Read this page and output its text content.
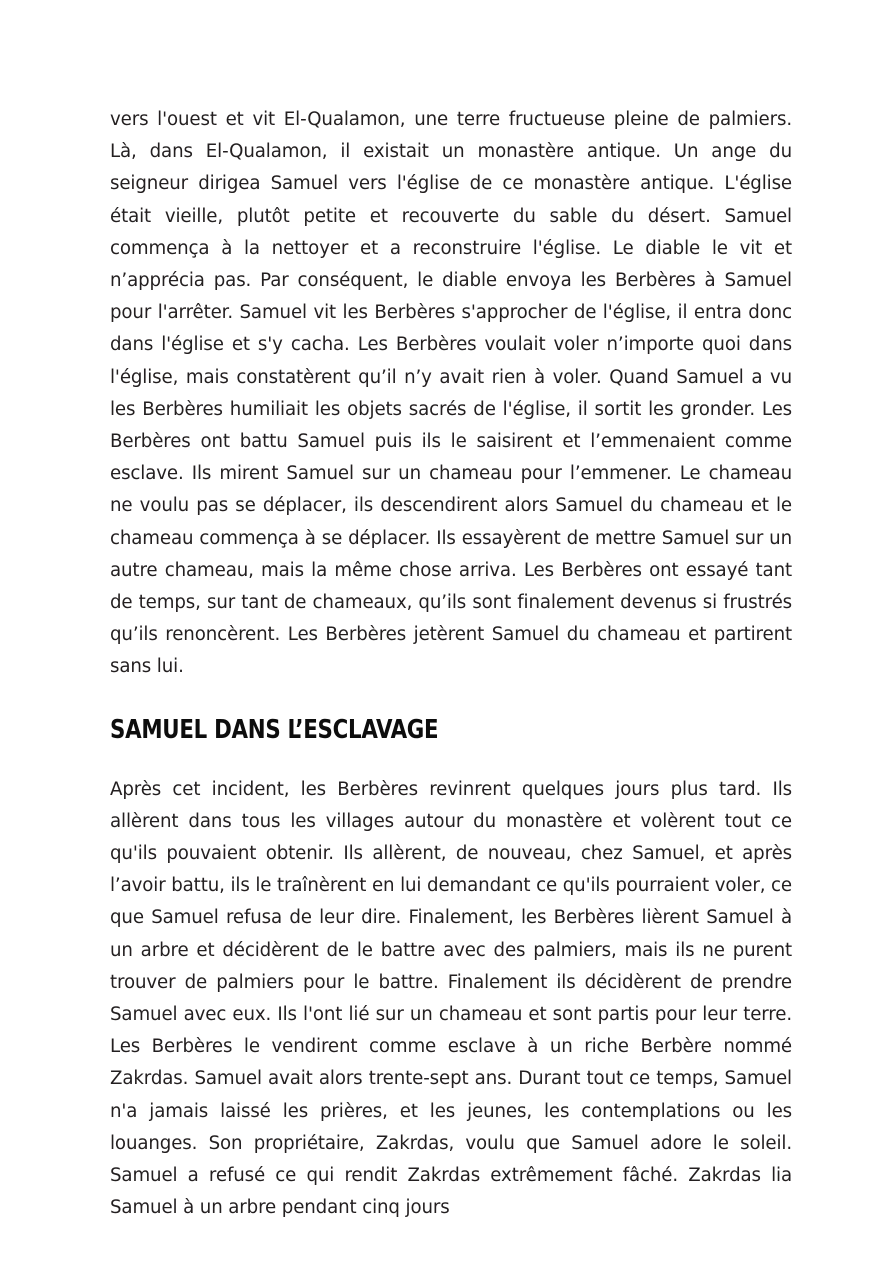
vers l'ouest et vit El-Qualamon, une terre fructueuse pleine de palmiers. Là, dans El-Qualamon, il existait un monastère antique. Un ange du seigneur dirigea Samuel vers l'église de ce monastère antique. L'église était vieille, plutôt petite et recouverte du sable du désert. Samuel commença à la nettoyer et a reconstruire l'église. Le diable le vit et n’apprécia pas. Par conséquent, le diable envoya les Berbères à Samuel pour l'arrêter. Samuel vit les Berbères s'approcher de l'église, il entra donc dans l'église et s'y cacha. Les Berbères voulait voler n’importe quoi dans l'église, mais constatèrent qu’il n’y avait rien à voler. Quand Samuel a vu les Berbères humiliait les objets sacrés de l'église, il sortit les gronder. Les Berbères ont battu Samuel puis ils le saisirent et l’emmenaient comme esclave. Ils mirent Samuel sur un chameau pour l’emmener. Le chameau ne voulu pas se déplacer, ils descendirent alors Samuel du chameau et le chameau commença à se déplacer. Ils essayèrent de mettre Samuel sur un autre chameau, mais la même chose arriva. Les Berbères ont essayé tant de temps, sur tant de chameaux, qu’ils sont finalement devenus si frustrés qu’ils renoncèrent. Les Berbères jetèrent Samuel du chameau et partirent sans lui.

SAMUEL DANS L’ESCLAVAGE

Après cet incident, les Berbères revinrent quelques jours plus tard. Ils allèrent dans tous les villages autour du monastère et volèrent tout ce qu'ils pouvaient obtenir. Ils allèrent, de nouveau, chez Samuel, et après l’avoir battu, ils le traînèrent en lui demandant ce qu'ils pourraient voler, ce que Samuel refusa de leur dire. Finalement, les Berbères lièrent Samuel à un arbre et décidèrent de le battre avec des palmiers, mais ils ne purent trouver de palmiers pour le battre. Finalement ils décidèrent de prendre Samuel avec eux. Ils l'ont lié sur un chameau et sont partis pour leur terre. Les Berbères le vendirent comme esclave à un riche Berbère nommé Zakrdas. Samuel avait alors trente-sept ans. Durant tout ce temps, Samuel n'a jamais laissé les prières, et les jeunes, les contemplations ou les louanges. Son propriétaire, Zakrdas, voulu que Samuel adore le soleil. Samuel a refusé ce qui rendit Zakrdas extrêmement fâché. Zakrdas lia Samuel à un arbre pendant cinq jours
